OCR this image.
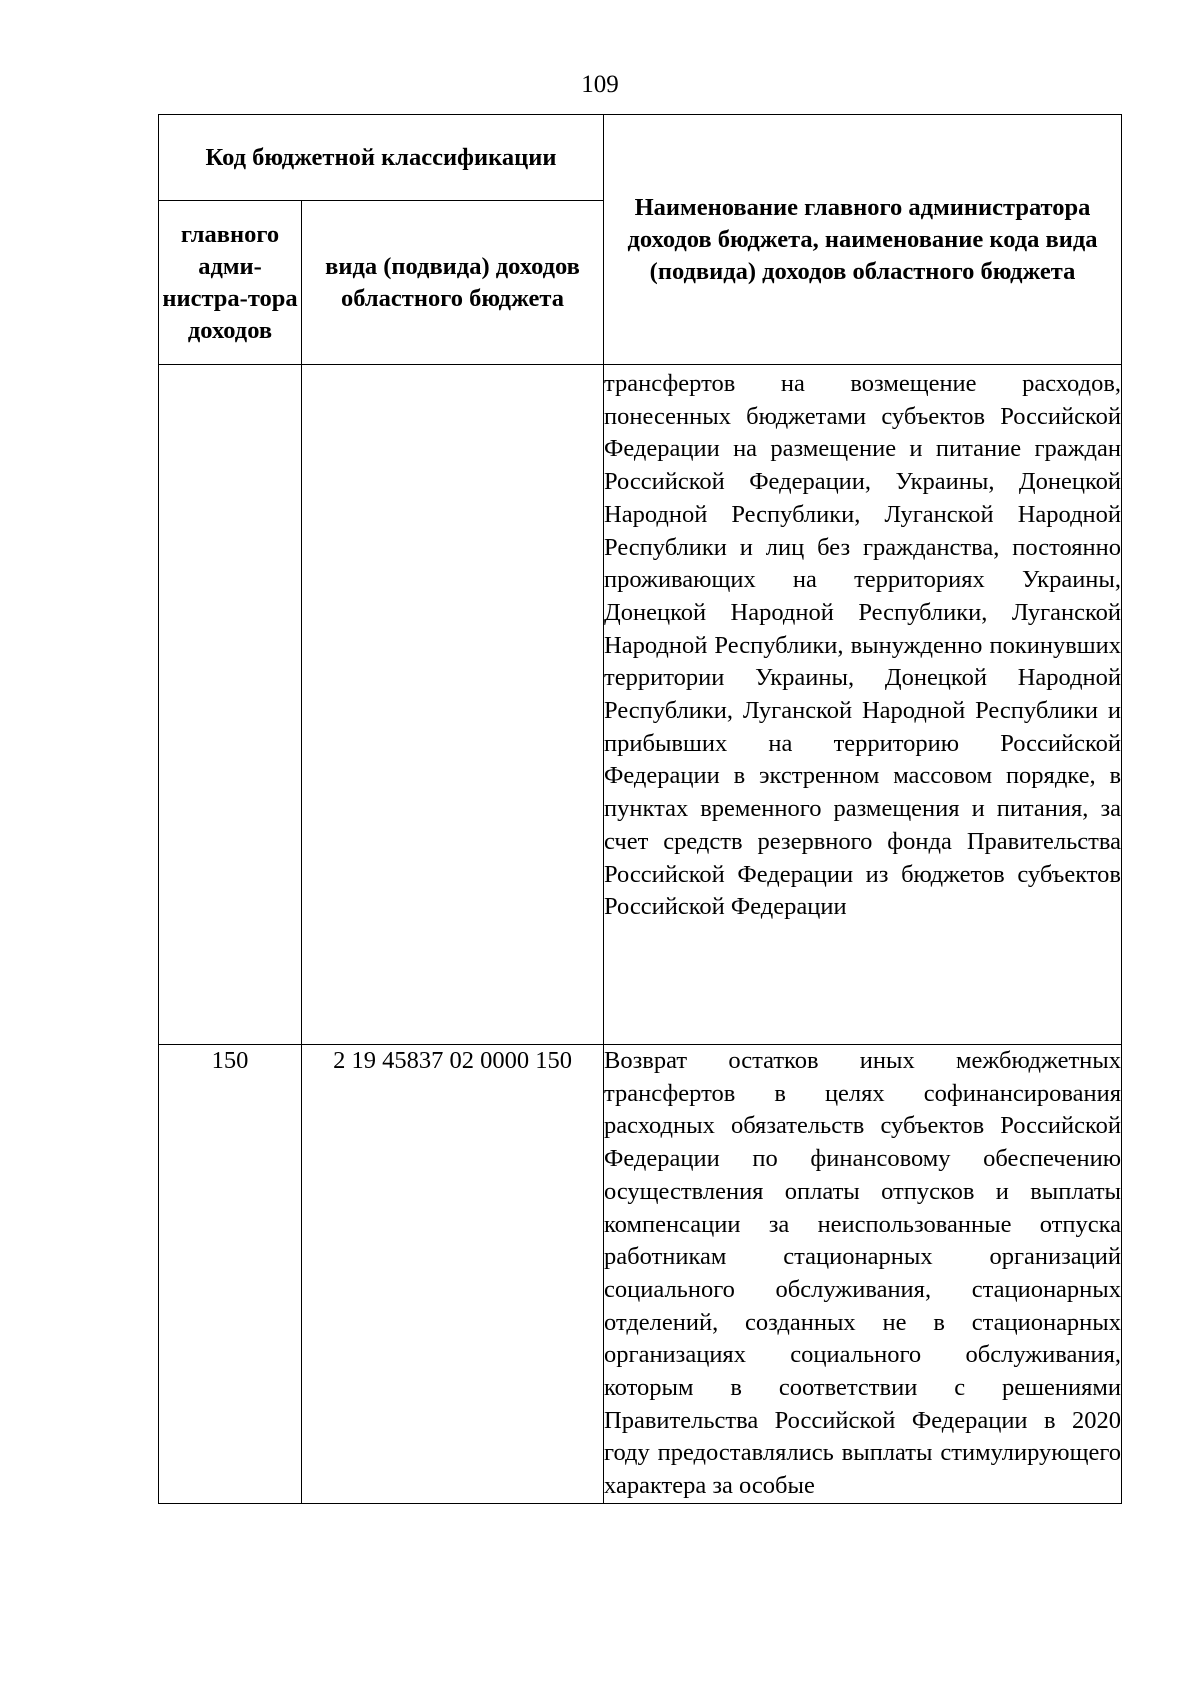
109
Код бюджетной классификации		Наименование главного администратора доходов бюджета, наименование кода вида (подвида) доходов областного бюджета
главного адми-нистра-тора доходов	вида (подвида) доходов областного бюджета	
		трансфертов на возмещение расходов, понесенных бюджетами субъектов Российской Федерации на размещение и питание граждан Российской Федерации, Украины, Донецкой Народной Республики, Луганской Народной Республики и лиц без гражданства, постоянно проживающих на территориях Украины, Донецкой Народной Республики, Луганской Народной Республики, вынужденно покинувших территории Украины, Донецкой Народной Республики, Луганской Народной Республики и прибывших на территорию Российской Федерации в экстренном массовом порядке, в пунктах временного размещения и питания, за счет средств резервного фонда Правительства Российской Федерации из бюджетов субъектов Российской Федерации
150	2 19 45837 02 0000 150	Возврат остатков иных межбюджетных трансфертов в целях софинансирования расходных обязательств субъектов Российской Федерации по финансовому обеспечению осуществления оплаты отпусков и выплаты компенсации за неиспользованные отпуска работникам стационарных организаций социального обслуживания, стационарных отделений, созданных не в стационарных организациях социального обслуживания, которым в соответствии с решениями Правительства Российской Федерации в 2020 году предоставлялись выплаты стимулирующего характера за особые
